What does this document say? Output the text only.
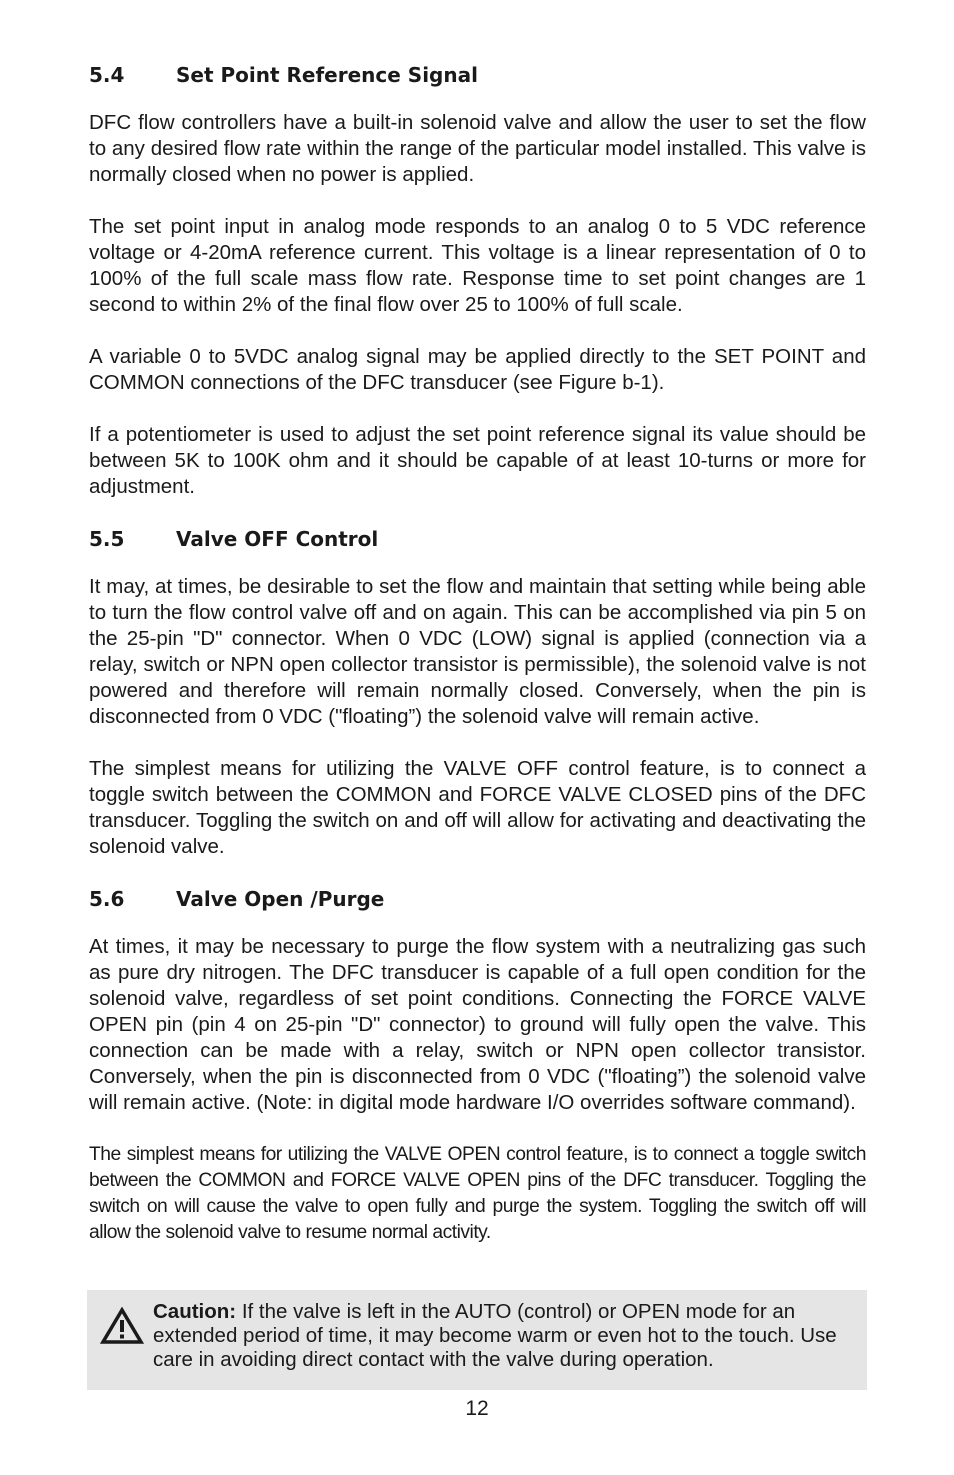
5.4	Set Point Reference Signal

DFC flow controllers have a built-in solenoid valve and allow the user to set the flow to any desired flow rate within the range of the particular model installed. This valve is normally closed when no power is applied.

The set point input in analog mode responds to an analog 0 to 5 VDC reference voltage or 4-20mA reference current. This voltage is a linear representation of 0 to 100% of the full scale mass flow rate. Response time to set point changes are 1 second to within 2% of the final flow over 25 to 100% of full scale.

A variable 0 to 5VDC analog signal may be applied directly to the SET POINT and COMMON connections of the DFC transducer (see Figure b-1).

If a potentiometer is used to adjust the set point reference signal its value should be between 5K to 100K ohm and it should be capable of at least 10-turns or more for adjustment.

5.5	Valve OFF Control

It may, at times, be desirable to set the flow and maintain that setting while being able to turn the flow control valve off and on again. This can be accomplished via pin 5 on the 25-pin "D" connector. When 0 VDC (LOW) signal is applied (connection via a relay, switch or NPN open collector transistor is permissible), the solenoid valve is not powered and therefore will remain normally closed. Conversely, when the pin is disconnected from 0 VDC ("floating”) the solenoid valve will remain active.

The simplest means for utilizing the VALVE OFF control feature, is to connect a toggle switch between the COMMON and FORCE VALVE CLOSED pins of the DFC transducer. Toggling the switch on and off will allow for activating and deactivating the solenoid valve.

5.6	Valve Open /Purge

At times, it may be necessary to purge the flow system with a neutralizing gas such as pure dry nitrogen. The DFC transducer is capable of a full open condition for the solenoid valve, regardless of set point conditions. Connecting the FORCE VALVE OPEN pin (pin 4 on 25-pin "D" connector) to ground will fully open the valve. This connection can be made with a relay, switch or NPN open collector transistor. Conversely, when the pin is disconnected from 0 VDC ("floating”) the solenoid valve will remain active. (Note: in digital mode hardware I/O overrides software command).

The simplest means for utilizing the VALVE OPEN control feature, is to connect a toggle switch between the COMMON and FORCE VALVE OPEN pins of the DFC transducer. Toggling the switch on will cause the valve to open fully and purge the system. Toggling the switch off will allow the solenoid valve to resume normal activity.

Caution: If the valve is left in the AUTO (control) or OPEN mode for an extended period of time, it may become warm or even hot to the touch. Use care in avoiding direct contact with the valve during operation.
12
